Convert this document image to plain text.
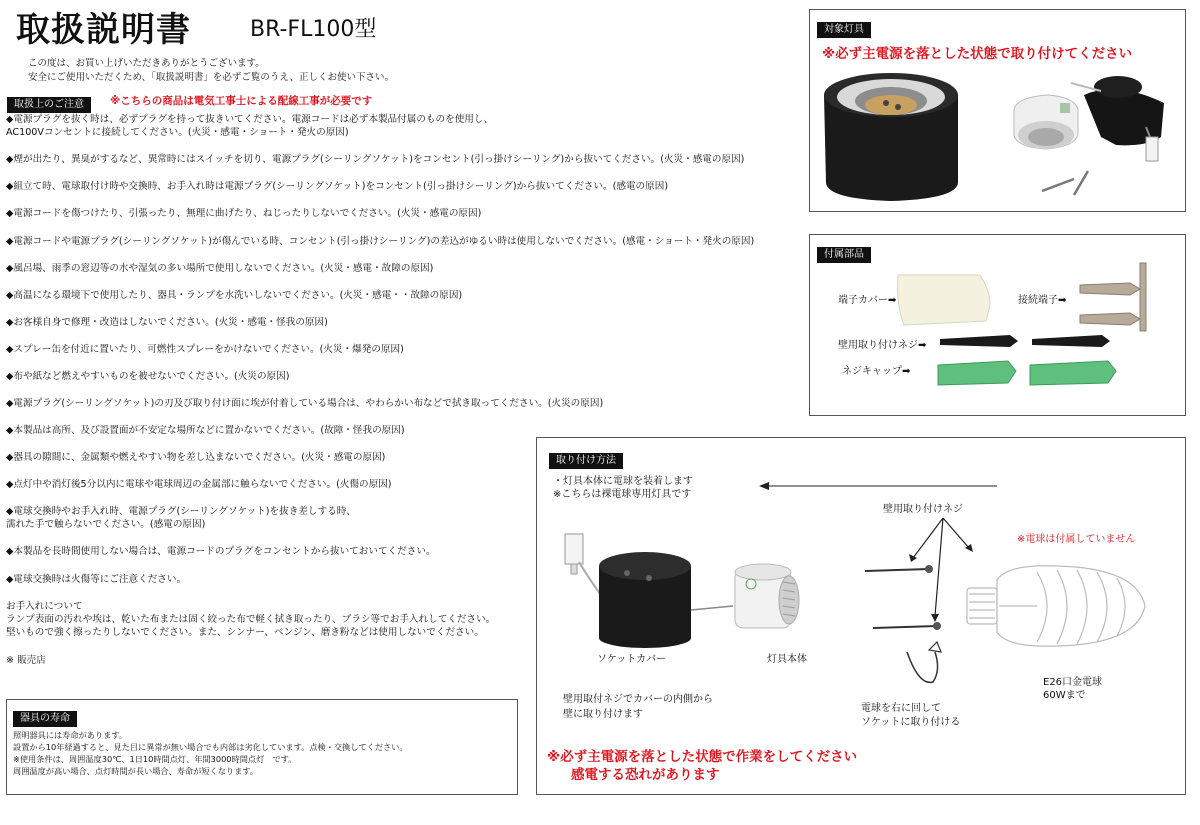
取扱説明書	BR-FL100型
この度は、お買い上げいただきありがとうございます。
安全にご使用いただくため、「取扱説明書」を必ずご覧のうえ、正しくお使い下さい。
取扱上のご注意	※こちらの商品は電気工事士による配線工事が必要です
◆電源プラグを抜く時は、必ずプラグを持って抜きいてください。電源コードは必ず本製品付属のものを使用し、
AC100Vコンセントに接続してください。(火災・感電・ショート・発火の原因)
◆煙が出たり、異臭がするなど、異常時にはスイッチを切り、電源プラグ(シーリングソケット)をコンセント(引っ掛けシーリング)から抜いてください。(火災・感電の原因)
◆組立て時、電球取付け時や交換時、お手入れ時は電源プラグ(シーリングソケット)をコンセント(引っ掛けシーリング)から抜いてください。(感電の原因)
◆電源コードを傷つけたり、引張ったり、無理に曲げたり、ねじったりしないでください。(火災・感電の原因)
◆電源コードや電源プラグ(シーリングソケット)が傷んでいる時、コンセント(引っ掛けシーリング)の差込がゆるい時は使用しないでください。(感電・ショート・発火の原因)
◆風呂場、雨季の窓辺等の水や湿気の多い場所で使用しないでください。(火災・感電・故障の原因)
◆高温になる環境下で使用したり、器具・ランプを水洗いしないでください。(火災・感電・・故障の原因)
◆お客様自身で修理・改造はしないでください。(火災・感電・怪我の原因)
◆スプレー缶を付近に置いたり、可燃性スプレーをかけないでください。(火災・爆発の原因)
◆布や紙など燃えやすいものを被せないでください。(火災の原因)
◆電源プラグ(シーリングソケット)の刃及び取り付け面に埃が付着している場合は、やわらかい布などで拭き取ってください。(火災の原因)
◆本製品は高所、及び設置面が不安定な場所などに置かないでください。(故障・怪我の原因)
◆器具の隙間に、金属類や燃えやすい物を差し込まないでください。(火災・感電の原因)
◆点灯中や消灯後5分以内に電球や電球周辺の金属部に触らないでください。(火傷の原因)
◆電球交換時やお手入れ時、電源プラグ(シーリングソケット)を抜き差しする時、
濡れた手で触らないでください。(感電の原因)
◆本製品を長時間使用しない場合は、電源コードのプラグをコンセントから抜いておいてください。
◆電球交換時は火傷等にご注意ください。
お手入れについて
ランプ表面の汚れや埃は、乾いた布または固く絞った布で軽く拭き取ったり、ブラシ等でお手入れしてください。
堅いもので強く擦ったりしないでください。また、シンナー、ベンジン、磨き粉などは使用しないでください。
※ 販売店
器具の寿命
照明器具には寿命があります。
設置から10年経過すると、見た目に異常が無い場合でも内部は劣化しています。点検・交換してください。
※使用条件は、周囲温度30℃、1日10時間点灯、年間3000時間点灯　です。
周囲温度が高い場合、点灯時間が長い場合、寿命が短くなります。
対象灯具
※必ず主電源を落とした状態で取り付けてください
付属部品
端子カバー➡	接続端子➡
壁用取り付けネジ➡
ネジキャップ➡
取り付け方法
・灯具本体に電球を装着します
※こちらは裸電球専用灯具です
壁用取り付けネジ
※電球は付属していません
ソケットカバー	灯具本体
E26口金電球
60Wまで
壁用取付ネジでカバーの内側から
壁に取り付けます
電球を右に回して
ソケットに取り付ける
※必ず主電源を落とした状態で作業をしてください
感電する恐れがあります
